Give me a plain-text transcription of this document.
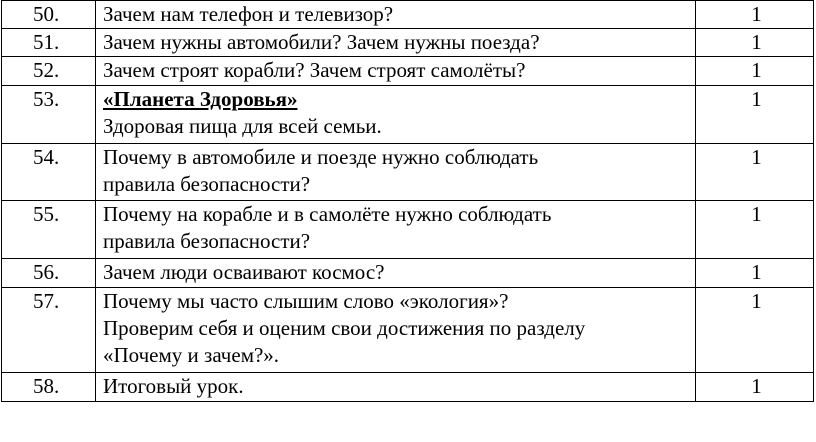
50.	Зачем нам телефон и телевизор?	1
51.	Зачем нужны автомобили? Зачем нужны поезда?	1
52.	Зачем строят корабли? Зачем строят самолёты?	1
53.	«Планета Здоровья»
Здоровая пища для всей семьи.	1
54.	Почему в автомобиле и поезде нужно соблюдать
правила безопасности?	1
55.	Почему на корабле и в самолёте нужно соблюдать
правила безопасности?	1
56.	Зачем люди осваивают космос?	1
57.	Почему мы часто слышим слово «экология»?
Проверим себя и оценим свои достижения по разделу
«Почему и зачем?».	1
58.	Итоговый урок.	1
